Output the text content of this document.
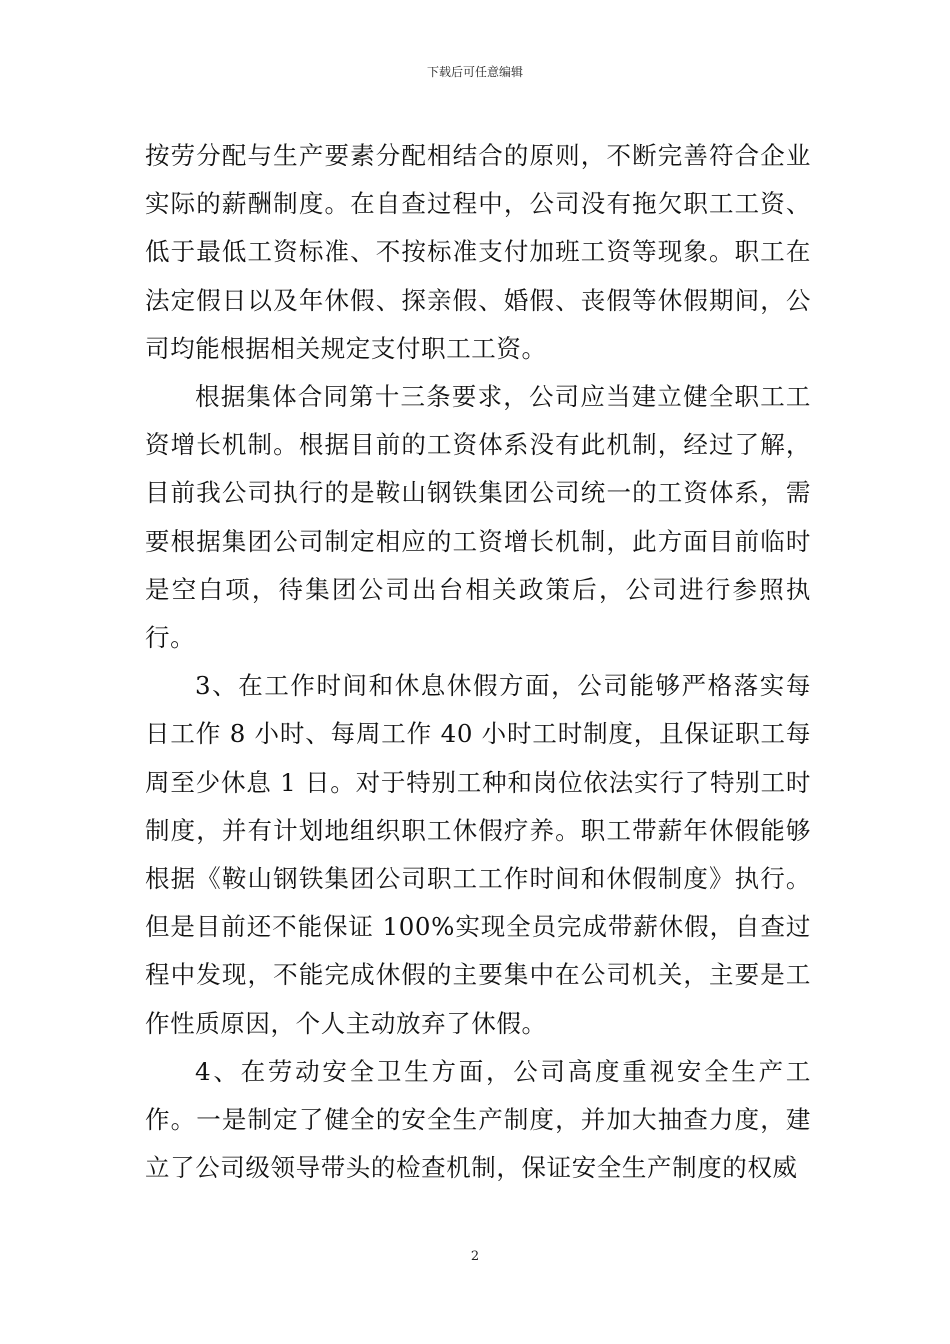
下载后可任意编辑

按劳分配与生产要素分配相结合的原则，不断完善符合企业实际的薪酬制度。在自查过程中，公司没有拖欠职工工资、低于最低工资标准、不按标准支付加班工资等现象。职工在法定假日以及年休假、探亲假、婚假、丧假等休假期间，公司均能根据相关规定支付职工工资。

根据集体合同第十三条要求，公司应当建立健全职工工资增长机制。根据目前的工资体系没有此机制，经过了解，目前我公司执行的是鞍山钢铁集团公司统一的工资体系，需要根据集团公司制定相应的工资增长机制，此方面目前临时是空白项，待集团公司出台相关政策后，公司进行参照执行。

3、在工作时间和休息休假方面，公司能够严格落实每日工作 8 小时、每周工作 40 小时工时制度，且保证职工每周至少休息 1 日。对于特别工种和岗位依法实行了特别工时制度，并有计划地组织职工休假疗养。职工带薪年休假能够根据《鞍山钢铁集团公司职工工作时间和休假制度》执行。但是目前还不能保证 100%实现全员完成带薪休假，自查过程中发现，不能完成休假的主要集中在公司机关，主要是工作性质原因，个人主动放弃了休假。

4、在劳动安全卫生方面，公司高度重视安全生产工作。一是制定了健全的安全生产制度，并加大抽查力度，建立了公司级领导带头的检查机制，保证安全生产制度的权威

2
